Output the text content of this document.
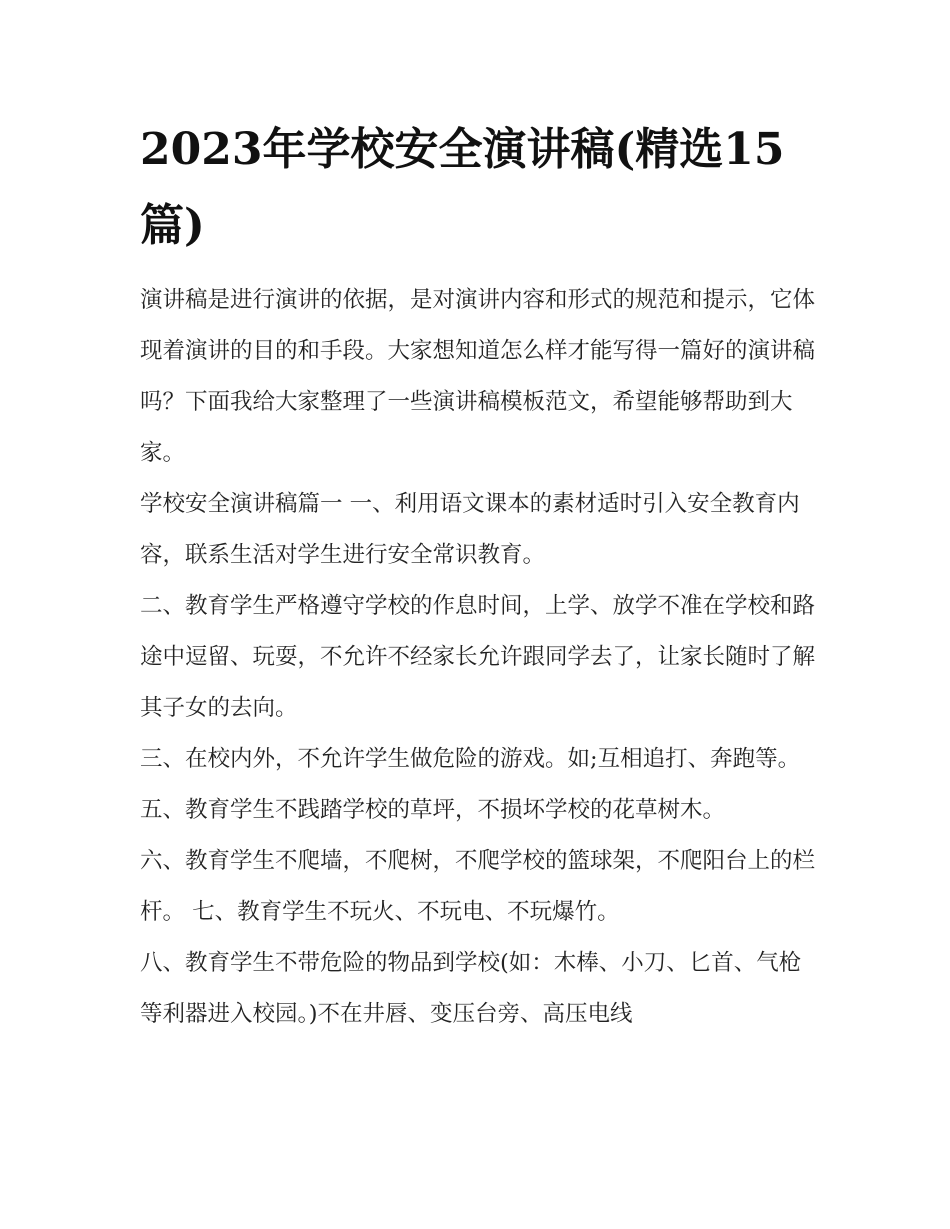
2023年学校安全演讲稿(精选15篇)

演讲稿是进行演讲的依据，是对演讲内容和形式的规范和提示，它体现着演讲的目的和手段。大家想知道怎么样才能写得一篇好的演讲稿吗？下面我给大家整理了一些演讲稿模板范文，希望能够帮助到大家。

学校安全演讲稿篇一 一、利用语文课本的素材适时引入安全教育内容，联系生活对学生进行安全常识教育。

二、教育学生严格遵守学校的作息时间，上学、放学不准在学校和路途中逗留、玩耍，不允许不经家长允许跟同学去了，让家长随时了解其子女的去向。

三、在校内外，不允许学生做危险的游戏。如;互相追打、奔跑等。 五、教育学生不践踏学校的草坪，不损坏学校的花草树木。

六、教育学生不爬墙，不爬树，不爬学校的篮球架，不爬阳台上的栏杆。 七、教育学生不玩火、不玩电、不玩爆竹。

八、教育学生不带危险的物品到学校(如：木棒、小刀、匕首、气枪等利器进入校园。)不在井唇、变压台旁、高压电线
